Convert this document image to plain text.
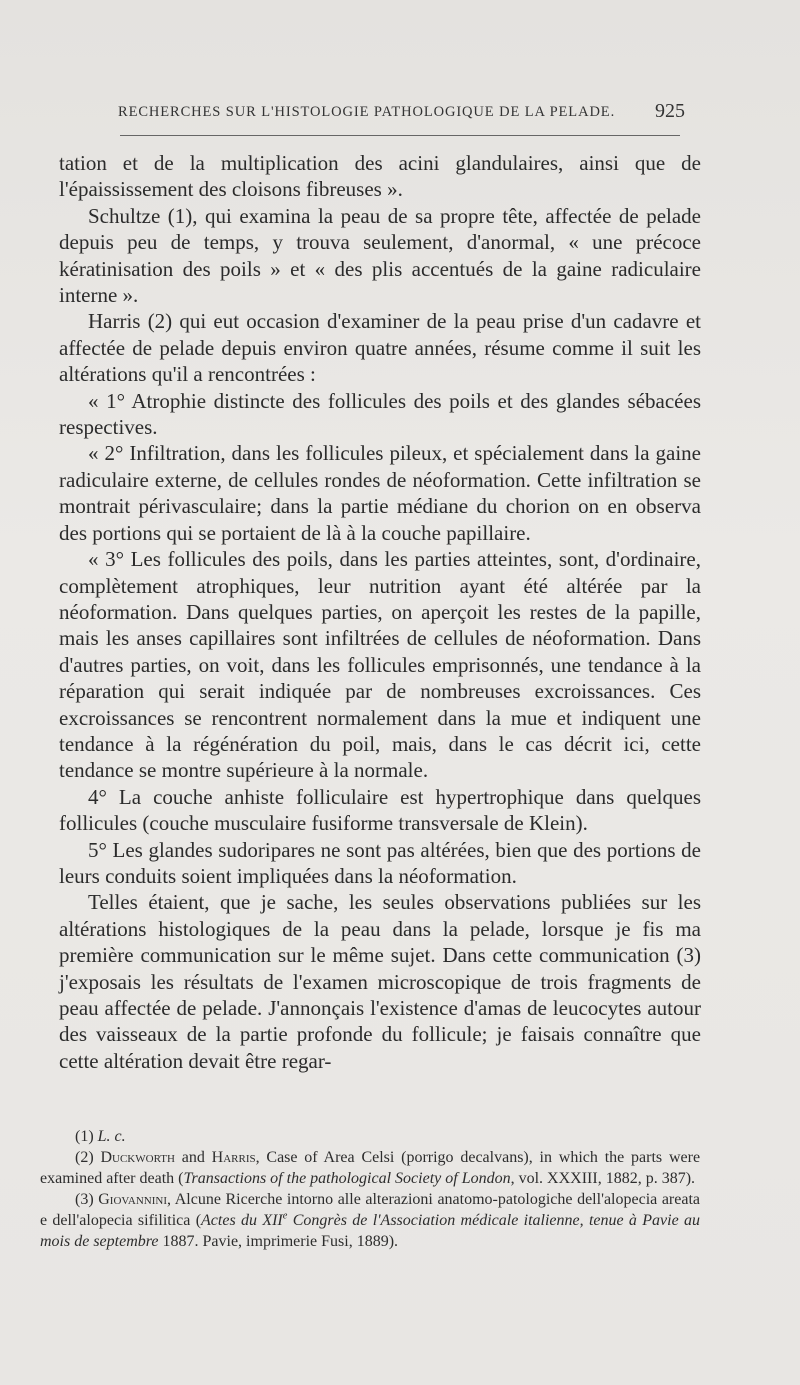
RECHERCHES SUR L'HISTOLOGIE PATHOLOGIQUE DE LA PELADE. 925

tation et de la multiplication des acini glandulaires, ainsi que de l'épaississement des cloisons fibreuses ».

Schultze (1), qui examina la peau de sa propre tête, affectée de pelade depuis peu de temps, y trouva seulement, d'anormal, « une précoce kératinisation des poils » et « des plis accentués de la gaine radiculaire interne ».

Harris (2) qui eut occasion d'examiner de la peau prise d'un cadavre et affectée de pelade depuis environ quatre années, résume comme il suit les altérations qu'il a rencontrées :

« 1° Atrophie distincte des follicules des poils et des glandes sébacées respectives.

« 2° Infiltration, dans les follicules pileux, et spécialement dans la gaine radiculaire externe, de cellules rondes de néoformation. Cette infiltration se montrait périvasculaire; dans la partie médiane du chorion on en observa des portions qui se portaient de là à la couche papillaire.

« 3° Les follicules des poils, dans les parties atteintes, sont, d'ordinaire, complètement atrophiques, leur nutrition ayant été altérée par la néoformation. Dans quelques parties, on aperçoit les restes de la papille, mais les anses capillaires sont infiltrées de cellules de néoformation. Dans d'autres parties, on voit, dans les follicules emprisonnés, une tendance à la réparation qui serait indiquée par de nombreuses excroissances. Ces excroissances se rencontrent normalement dans la mue et indiquent une tendance à la régénération du poil, mais, dans le cas décrit ici, cette tendance se montre supérieure à la normale.

4° La couche anhiste folliculaire est hypertrophique dans quelques follicules (couche musculaire fusiforme transversale de Klein).

5° Les glandes sudoripares ne sont pas altérées, bien que des portions de leurs conduits soient impliquées dans la néoformation.

Telles étaient, que je sache, les seules observations publiées sur les altérations histologiques de la peau dans la pelade, lorsque je fis ma première communication sur le même sujet. Dans cette communication (3) j'exposais les résultats de l'examen microscopique de trois fragments de peau affectée de pelade. J'annonçais l'existence d'amas de leucocytes autour des vaisseaux de la partie profonde du follicule; je faisais connaître que cette altération devait être regar-

(1) L. c.

(2) Duckworth and Harris, Case of Area Celsi (porrigo decalvans), in which the parts were examined after death (Transactions of the pathological Society of London, vol. XXXIII, 1882, p. 387).

(3) Giovannini, Alcune Ricerche intorno alle alterazioni anatomo-patologiche dell'alopecia areata e dell'alopecia sifilitica (Actes du XIIe Congrès de l'Association médicale italienne, tenue à Pavie au mois de septembre 1887. Pavie, imprimerie Fusi, 1889).
